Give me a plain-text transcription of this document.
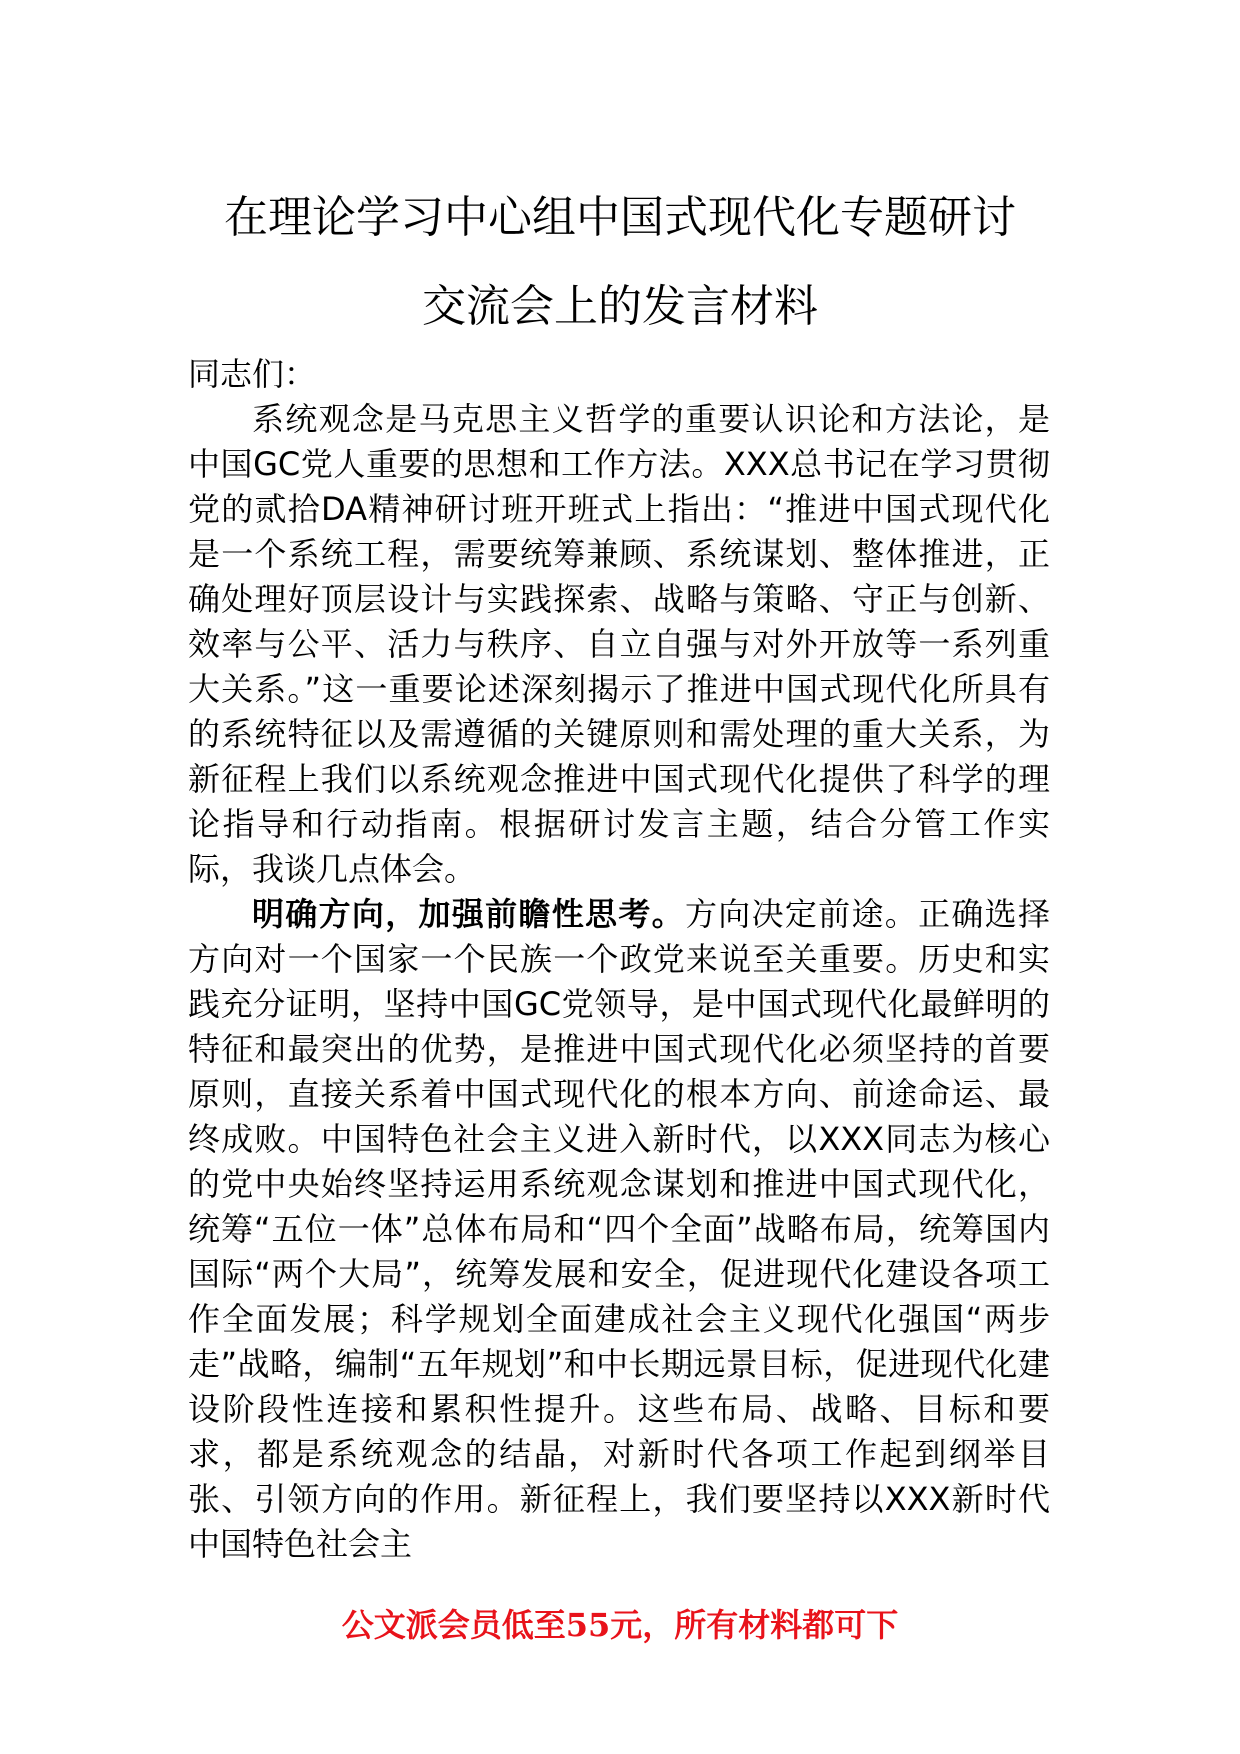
在理论学习中心组中国式现代化专题研讨
交流会上的发言材料

同志们：

系统观念是马克思主义哲学的重要认识论和方法论，是中国GC党人重要的思想和工作方法。XXX总书记在学习贯彻党的贰拾DA精神研讨班开班式上指出：“推进中国式现代化是一个系统工程，需要统筹兼顾、系统谋划、整体推进，正确处理好顶层设计与实践探索、战略与策略、守正与创新、效率与公平、活力与秩序、自立自强与对外开放等一系列重大关系。”这一重要论述深刻揭示了推进中国式现代化所具有的系统特征以及需遵循的关键原则和需处理的重大关系，为新征程上我们以系统观念推进中国式现代化提供了科学的理论指导和行动指南。根据研讨发言主题，结合分管工作实际，我谈几点体会。

明确方向，加强前瞻性思考。方向决定前途。正确选择方向对一个国家一个民族一个政党来说至关重要。历史和实践充分证明，坚持中国GC党领导，是中国式现代化最鲜明的特征和最突出的优势，是推进中国式现代化必须坚持的首要原则，直接关系着中国式现代化的根本方向、前途命运、最终成败。中国特色社会主义进入新时代，以XXX同志为核心的党中央始终坚持运用系统观念谋划和推进中国式现代化，统筹“五位一体”总体布局和“四个全面”战略布局，统筹国内国际“两个大局”，统筹发展和安全，促进现代化建设各项工作全面发展；科学规划全面建成社会主义现代化强国“两步走”战略，编制“五年规划”和中长期远景目标，促进现代化建设阶段性连接和累积性提升。这些布局、战略、目标和要求，都是系统观念的结晶，对新时代各项工作起到纲举目张、引领方向的作用。新征程上，我们要坚持以XXX新时代中国特色社会主

公文派会员低至55元，所有材料都可下
